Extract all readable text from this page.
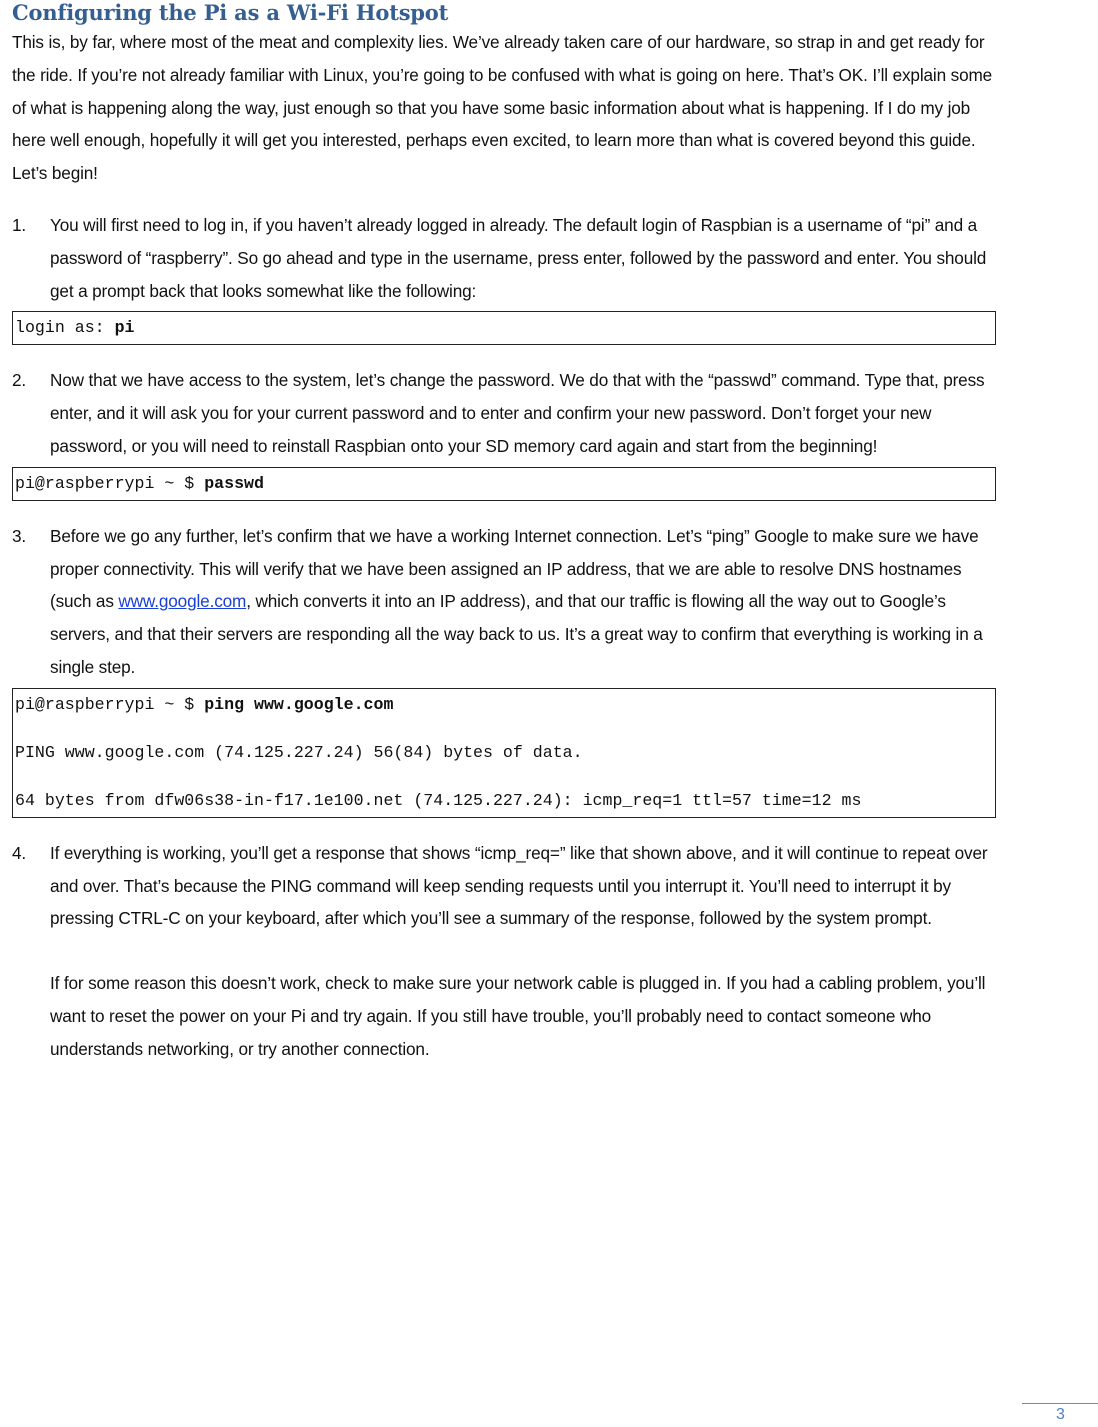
Configuring the Pi as a Wi-Fi Hotspot

This is, by far, where most of the meat and complexity lies. We’ve already taken care of our hardware, so strap in and get ready for the ride. If you’re not already familiar with Linux, you’re going to be confused with what is going on here. That’s OK. I’ll explain some of what is happening along the way, just enough so that you have some basic information about what is happening. If I do my job here well enough, hopefully it will get you interested, perhaps even excited, to learn more than what is covered beyond this guide.

Let’s begin!

1. You will first need to log in, if you haven’t already logged in already. The default login of Raspbian is a username of “pi” and a password of “raspberry”. So go ahead and type in the username, press enter, followed by the password and enter. You should get a prompt back that looks somewhat like the following:

login as: pi
2. Now that we have access to the system, let’s change the password. We do that with the “passwd” command. Type that, press enter, and it will ask you for your current password and to enter and confirm your new password. Don’t forget your new password, or you will need to reinstall Raspbian onto your SD memory card again and start from the beginning!

pi@raspberrypi ~ $ passwd
3. Before we go any further, let’s confirm that we have a working Internet connection. Let’s “ping” Google to make sure we have proper connectivity. This will verify that we have been assigned an IP address, that we are able to resolve DNS hostnames (such as www.google.com, which converts it into an IP address), and that our traffic is flowing all the way out to Google’s servers, and that their servers are responding all the way back to us. It’s a great way to confirm that everything is working in a single step.

pi@raspberrypi ~ $ ping www.google.com
PING www.google.com (74.125.227.24) 56(84) bytes of data.
64 bytes from dfw06s38-in-f17.1e100.net (74.125.227.24): icmp_req=1 ttl=57 time=12 ms
4. If everything is working, you’ll get a response that shows “icmp_req=” like that shown above, and it will continue to repeat over and over. That’s because the PING command will keep sending requests until you interrupt it. You’ll need to interrupt it by pressing CTRL-C on your keyboard, after which you’ll see a summary of the response, followed by the system prompt.

If for some reason this doesn’t work, check to make sure your network cable is plugged in. If you had a cabling problem, you’ll want to reset the power on your Pi and try again. If you still have trouble, you’ll probably need to contact someone who understands networking, or try another connection.

3
